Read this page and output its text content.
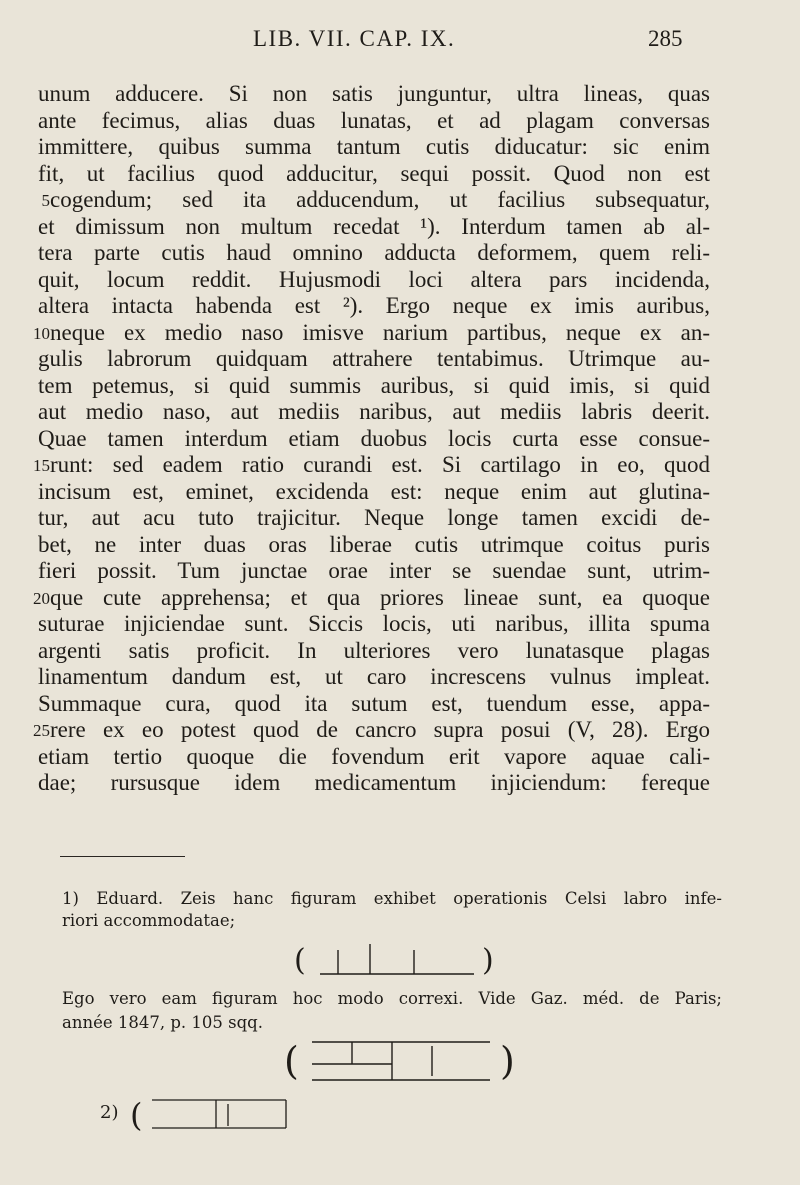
LIB. VII. CAP. IX.	285
unum adducere. Si non satis junguntur, ultra lineas, quas
ante fecimus, alias duas lunatas, et ad plagam conversas
immittere, quibus summa tantum cutis diducatur: sic enim
fit, ut facilius quod adducitur, sequi possit. Quod non est
5 cogendum; sed ita adducendum, ut facilius subsequatur,
et dimissum non multum recedat ¹). Interdum tamen ab al-
tera parte cutis haud omnino adducta deformem, quem reli-
quit, locum reddit. Hujusmodi loci altera pars incidenda,
altera intacta habenda est ²). Ergo neque ex imis auribus,
10 neque ex medio naso imisve narium partibus, neque ex an-
gulis labrorum quidquam attrahere tentabimus. Utrimque au-
tem petemus, si quid summis auribus, si quid imis, si quid
aut medio naso, aut mediis naribus, aut mediis labris deerit.
Quae tamen interdum etiam duobus locis curta esse consue-
15 runt: sed eadem ratio curandi est. Si cartilago in eo, quod
incisum est, eminet, excidenda est: neque enim aut glutina-
tur, aut acu tuto trajicitur. Neque longe tamen excidi de-
bet, ne inter duas oras liberae cutis utrimque coitus puris
fieri possit. Tum junctae orae inter se suendae sunt, utrim-
20 que cute apprehensa; et qua priores lineae sunt, ea quoque
suturae injiciendae sunt. Siccis locis, uti naribus, illita spuma
argenti satis proficit. In ulteriores vero lunatasque plagas
linamentum dandum est, ut caro increscens vulnus impleat.
Summaque cura, quod ita sutum est, tuendum esse, appa-
25 rere ex eo potest quod de cancro supra posui (V, 28). Ergo
etiam tertio quoque die fovendum erit vapore aquae cali-
dae; rursusque idem medicamentum injiciendum: fereque
1) Eduard. Zeis hanc figuram exhibet operationis Celsi labro infe-
riori accommodatae;
(	)
Ego vero eam figuram hoc modo correxi. Vide Gaz. méd. de Paris;
année 1847, p. 105 sqq.
(	)
2) (
